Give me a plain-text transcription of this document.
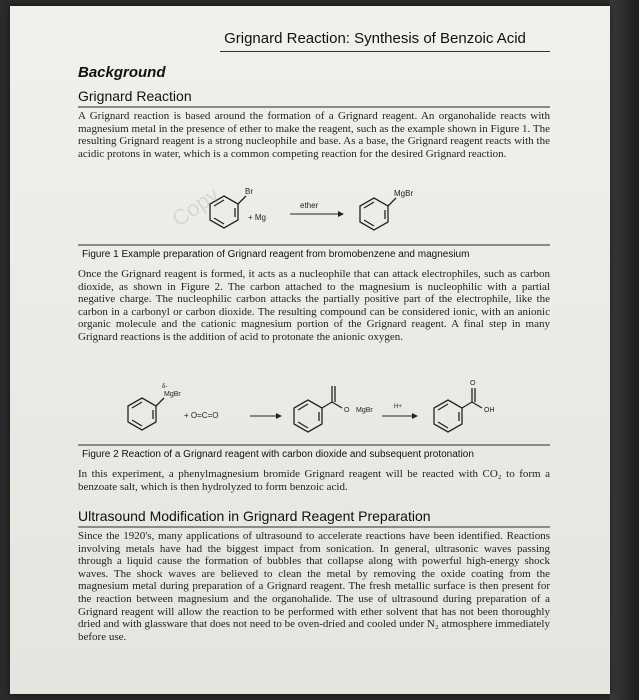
Grignard Reaction: Synthesis of Benzoic Acid
Background
Grignard Reaction
A Grignard reaction is based around the formation of a Grignard reagent. An organohalide reacts with magnesium metal in the presence of ether to make the reagent, such as the example shown in Figure 1. The resulting Grignard reagent is a strong nucleophile and base. As a base, the Grignard reagent reacts with the acidic protons in water, which is a common competing reaction for the desired Grignard reaction.
Br
+ Mg
ether
MgBr
Copy
Figure 1 Example preparation of Grignard reagent from bromobenzene and magnesium
Once the Grignard reagent is formed, it acts as a nucleophile that can attack electrophiles, such as carbon dioxide, as shown in Figure 2. The carbon attached to the magnesium is nucleophilic with a partial negative charge. The nucleophilic carbon attacks the partially positive part of the electrophile, like the carbon in a carbonyl or carbon dioxide. The resulting compound can be considered ionic, with an anionic organic molecule and the cationic magnesium portion of the Grignard reagent. A final step in many Grignard reactions is the addition of acid to protonate the anionic oxygen.
δ-
MgBr
+ O=C=O
O MgBr	H+
O
OH
Figure 2 Reaction of a Grignard reagent with carbon dioxide and subsequent protonation
In this experiment, a phenylmagnesium bromide Grignard reagent will be reacted with CO₂ to form a benzoate salt, which is then hydrolyzed to form benzoic acid.
Ultrasound Modification in Grignard Reagent Preparation
Since the 1920's, many applications of ultrasound to accelerate reactions have been identified. Reactions involving metals have had the biggest impact from sonication. In general, ultrasonic waves passing through a liquid cause the formation of bubbles that collapse along with powerful high-energy shock waves. The shock waves are believed to clean the metal by removing the oxide coating from the magnesium metal during preparation of a Grignard reagent. The fresh metallic surface is then present for the reaction between magnesium and the organohalide. The use of ultrasound during preparation of a Grignard reagent will allow the reaction to be performed with ether solvent that has not been thoroughly dried and with glassware that does not need to be oven-dried and cooled under N₂ atmosphere immediately before use.
